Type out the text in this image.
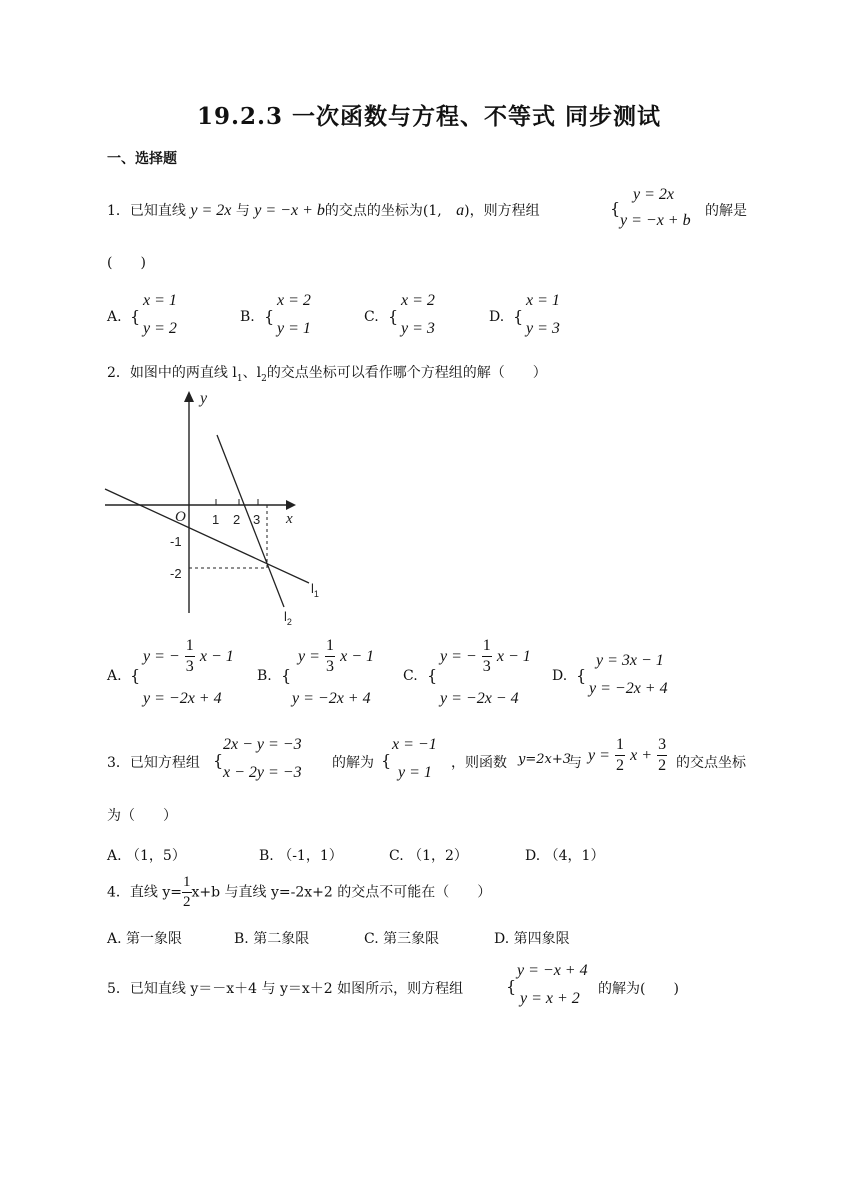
19.2.3 一次函数与方程、不等式 同步测试
一、选择题
1．已知直线 y = 2x 与 y = −x + b的交点的坐标为(1, a)，则方程组	{
y = 2x
y = −x + b
的解是
(　　)
A. {
x = 1
y = 2
B. {
x = 2
y = 1
C. {
x = 2
y = 3
D. {
x = 1
y = 3
2．如图中的两直线 $l_1$、$l_2$的交点坐标可以看作哪个方程组的解（　　）
y
x
O 1 2 3
-1
-2
$l_1$
$l_2$
A. {
y = − $\frac{1}{3}$ x − 1
y = −2x + 4
B. {
$y = \frac{1}{3}$ x − 1
y = −2x + 4
C. {
y = − $\frac{1}{3}$ x − 1
y = −2x − 4
D. {
y = 3x − 1
y = −2x + 4
3．已知方程组 {
2x − y = −3
x − 2y = −3
的解为 {
x = −1
y = 1
，则函数 y=2x+3
与 $y = \frac{1}{2}$ $x + \frac{3}{2}$ 的交点坐标
为（　　）
A. （1，5）	B. （-1，1）	C. （1，2）	D. （4，1）
4．直线 $y= \frac{1}{2} x+b$ 与直线 y=-2x+2 的交点不可能在（　　）
A. 第一象限	B. 第二象限	C. 第三象限	D. 第四象限
5．已知直线 y＝－x＋4 与 y＝x＋2 如图所示，则方程组	{
y = −x + 4
y = x + 2
的解为(　　)
